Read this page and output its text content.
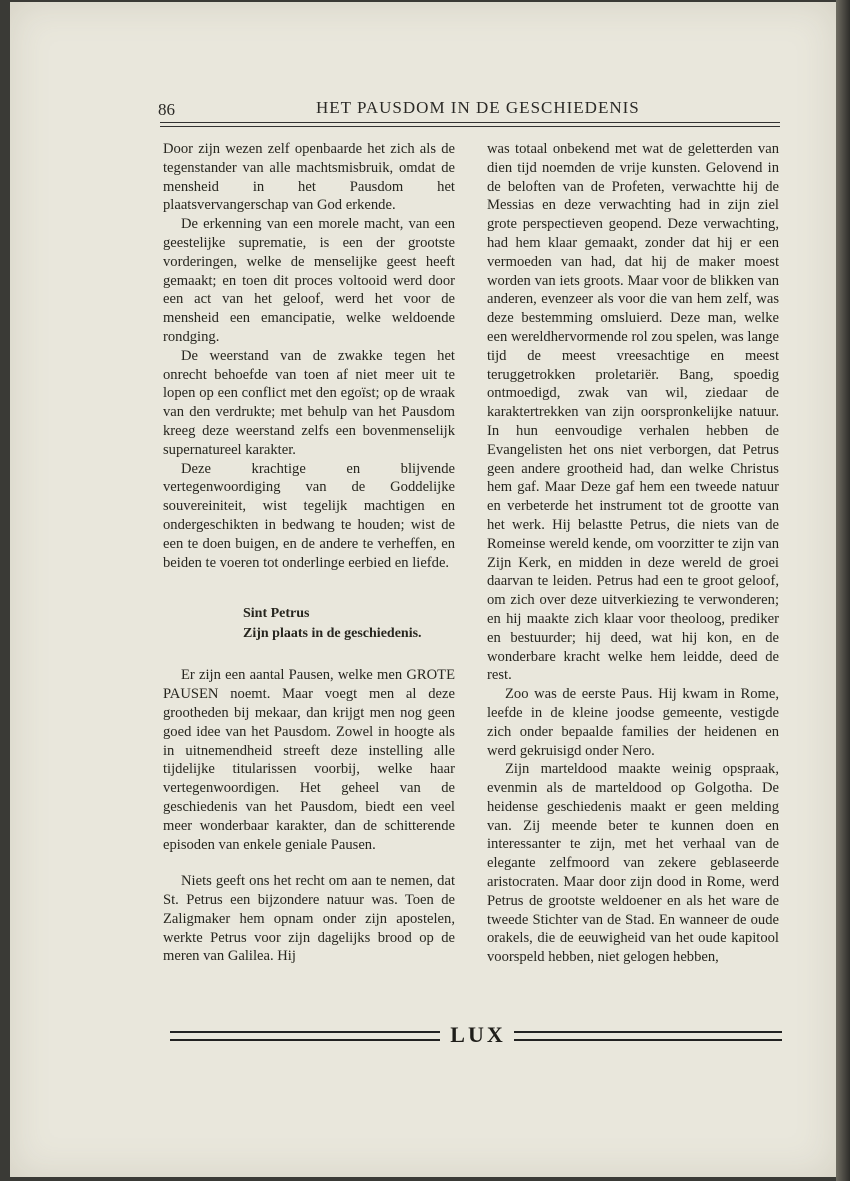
86	HET PAUSDOM IN DE GESCHIEDENIS

Door zijn wezen zelf openbaarde het zich als de tegenstander van alle machtsmisbruik, omdat de mensheid in het Pausdom het plaatsvervangerschap van God erkende.

De erkenning van een morele macht, van een geestelijke suprematie, is een der grootste vorderingen, welke de menselijke geest heeft gemaakt; en toen dit proces voltooid werd door een act van het geloof, werd het voor de mensheid een emancipatie, welke weldoende rondging.

De weerstand van de zwakke tegen het onrecht behoefde van toen af niet meer uit te lopen op een conflict met den egoïst; op de wraak van den verdrukte; met behulp van het Pausdom kreeg deze weerstand zelfs een bovenmenselijk supernatureel karakter.

Deze krachtige en blijvende vertegenwoordiging van de Goddelijke souvereiniteit, wist tegelijk machtigen en ondergeschikten in bedwang te houden; wist de een te doen buigen, en de andere te verheffen, en beiden te voeren tot onderlinge eerbied en liefde.

Sint Petrus
Zijn plaats in de geschiedenis.

Er zijn een aantal Pausen, welke men GROTE PAUSEN noemt. Maar voegt men al deze grootheden bij mekaar, dan krijgt men nog geen goed idee van het Pausdom. Zowel in hoogte als in uitnemendheid streeft deze instelling alle tijdelijke titularissen voorbij, welke haar vertegenwoordigen. Het geheel van de geschiedenis van het Pausdom, biedt een veel meer wonderbaar karakter, dan de schitterende episoden van enkele geniale Pausen.

Niets geeft ons het recht om aan te nemen, dat St. Petrus een bijzondere natuur was. Toen de Zaligmaker hem opnam onder zijn apostelen, werkte Petrus voor zijn dagelijks brood op de meren van Galilea. Hij

was totaal onbekend met wat de geletterden van dien tijd noemden de vrije kunsten. Gelovend in de beloften van de Profeten, verwachtte hij de Messias en deze verwachting had in zijn ziel grote perspectieven geopend. Deze verwachting, had hem klaar gemaakt, zonder dat hij er een vermoeden van had, dat hij de maker moest worden van iets groots. Maar voor de blikken van anderen, evenzeer als voor die van hem zelf, was deze bestemming omsluierd. Deze man, welke een wereldhervormende rol zou spelen, was lange tijd de meest vreesachtige en meest teruggetrokken proletariër. Bang, spoedig ontmoedigd, zwak van wil, ziedaar de karaktertrekken van zijn oorspronkelijke natuur. In hun eenvoudige verhalen hebben de Evangelisten het ons niet verborgen, dat Petrus geen andere grootheid had, dan welke Christus hem gaf. Maar Deze gaf hem een tweede natuur en verbeterde het instrument tot de grootte van het werk. Hij belastte Petrus, die niets van de Romeinse wereld kende, om voorzitter te zijn van Zijn Kerk, en midden in deze wereld de groei daarvan te leiden. Petrus had een te groot geloof, om zich over deze uitverkiezing te verwonderen; en hij maakte zich klaar voor theoloog, prediker en bestuurder; hij deed, wat hij kon, en de wonderbare kracht welke hem leidde, deed de rest.

Zoo was de eerste Paus. Hij kwam in Rome, leefde in de kleine joodse gemeente, vestigde zich onder bepaalde families der heidenen en werd gekruisigd onder Nero.

Zijn marteldood maakte weinig opspraak, evenmin als de marteldood op Golgotha. De heidense geschiedenis maakt er geen melding van. Zij meende beter te kunnen doen en interessanter te zijn, met het verhaal van de elegante zelfmoord van zekere geblaseerde aristocraten. Maar door zijn dood in Rome, werd Petrus de grootste weldoener en als het ware de tweede Stichter van de Stad. En wanneer de oude orakels, die de eeuwigheid van het oude kapitool voorspeld hebben, niet gelogen hebben,

LUX
